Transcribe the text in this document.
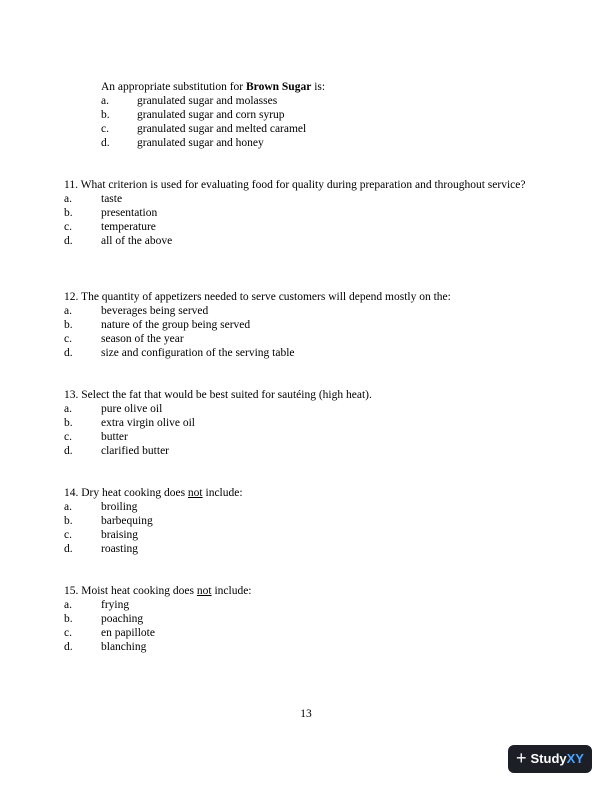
An appropriate substitution for Brown Sugar is:

a. granulated sugar and molasses
b. granulated sugar and corn syrup
c. granulated sugar and melted caramel
d. granulated sugar and honey

11. What criterion is used for evaluating food for quality during preparation and throughout service?

a.	taste
b. presentation
c.	temperature
d. all of the above

12. The quantity of appetizers needed to serve customers will depend mostly on the:

a.	beverages being served
b. nature of the group being served
c.	season of the year
d. size and configuration of the serving table

13. Select the fat that would be best suited for sautéing (high heat).

a.	pure olive oil
b. extra virgin olive oil
c.	butter
d. clarified butter

14. Dry heat cooking does not include:

a.	broiling
b. barbequing
c.	braising
d. roasting

15. Moist heat cooking does not include:

a.	frying
b. poaching
c.	en papillote
d. blanching
13
+ StudyXY
